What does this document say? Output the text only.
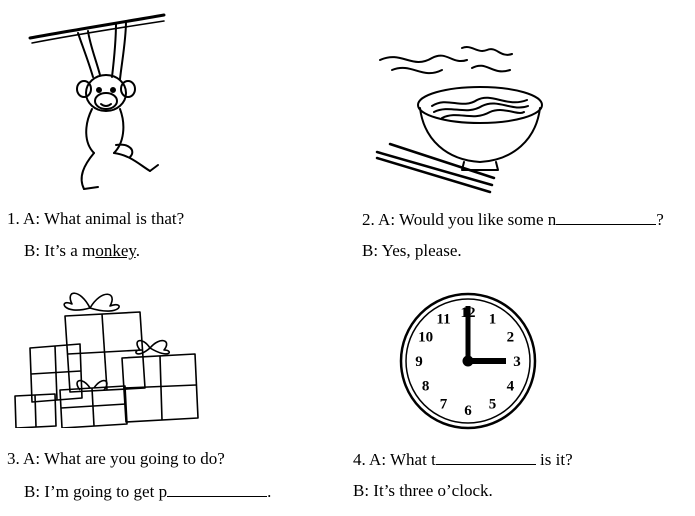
12 1
2
3
4
5
6
7
8
9
10
11
1. A: What animal is that?
B: It’s a monkey.
2. A: Would you like some n	?
B: Yes, please.
3. A: What are you going to do?
B: I’m going to get p	.
4. A: What t	is it?
B: It’s three o’clock.
